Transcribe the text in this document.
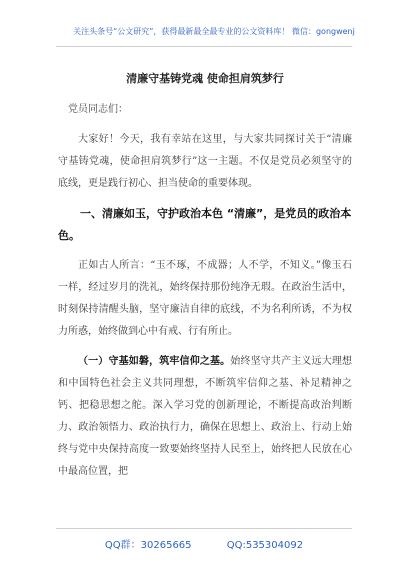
关注头条号“公文研究”，获得最新最全最专业的公文资料库！ 微信：gongwenj
清廉守基铸党魂 使命担肩筑梦行
党员同志们：

大家好！今天，我有幸站在这里，与大家共同探讨关于“清廉守基铸党魂，使命担肩筑梦行”这一主题。不仅是党员必须坚守的底线，更是践行初心、担当使命的重要体现。

一、清廉如玉，守护政治本色 “清廉”，是党员的政治本色。

正如古人所言：“玉不琢，不成器；人不学，不知义。”像玉石一样，经过岁月的洗礼，始终保持那份纯净无瑕。在政治生活中，时刻保持清醒头脑，坚守廉洁自律的底线，不为名利所诱，不为权力所惑，始终做到心中有戒、行有所止。

（一）守基如磐，筑牢信仰之基。始终坚守共产主义远大理想和中国特色社会主义共同理想，不断筑牢信仰之基、补足精神之钙、把稳思想之舵。深入学习党的创新理论，不断提高政治判断力、政治领悟力、政治执行力，确保在思想上、政治上、行动上始终与党中央保持高度一致要始终坚持人民至上，始终把人民放在心中最高位置，把

QQ群：30265665	QQ:535304092
